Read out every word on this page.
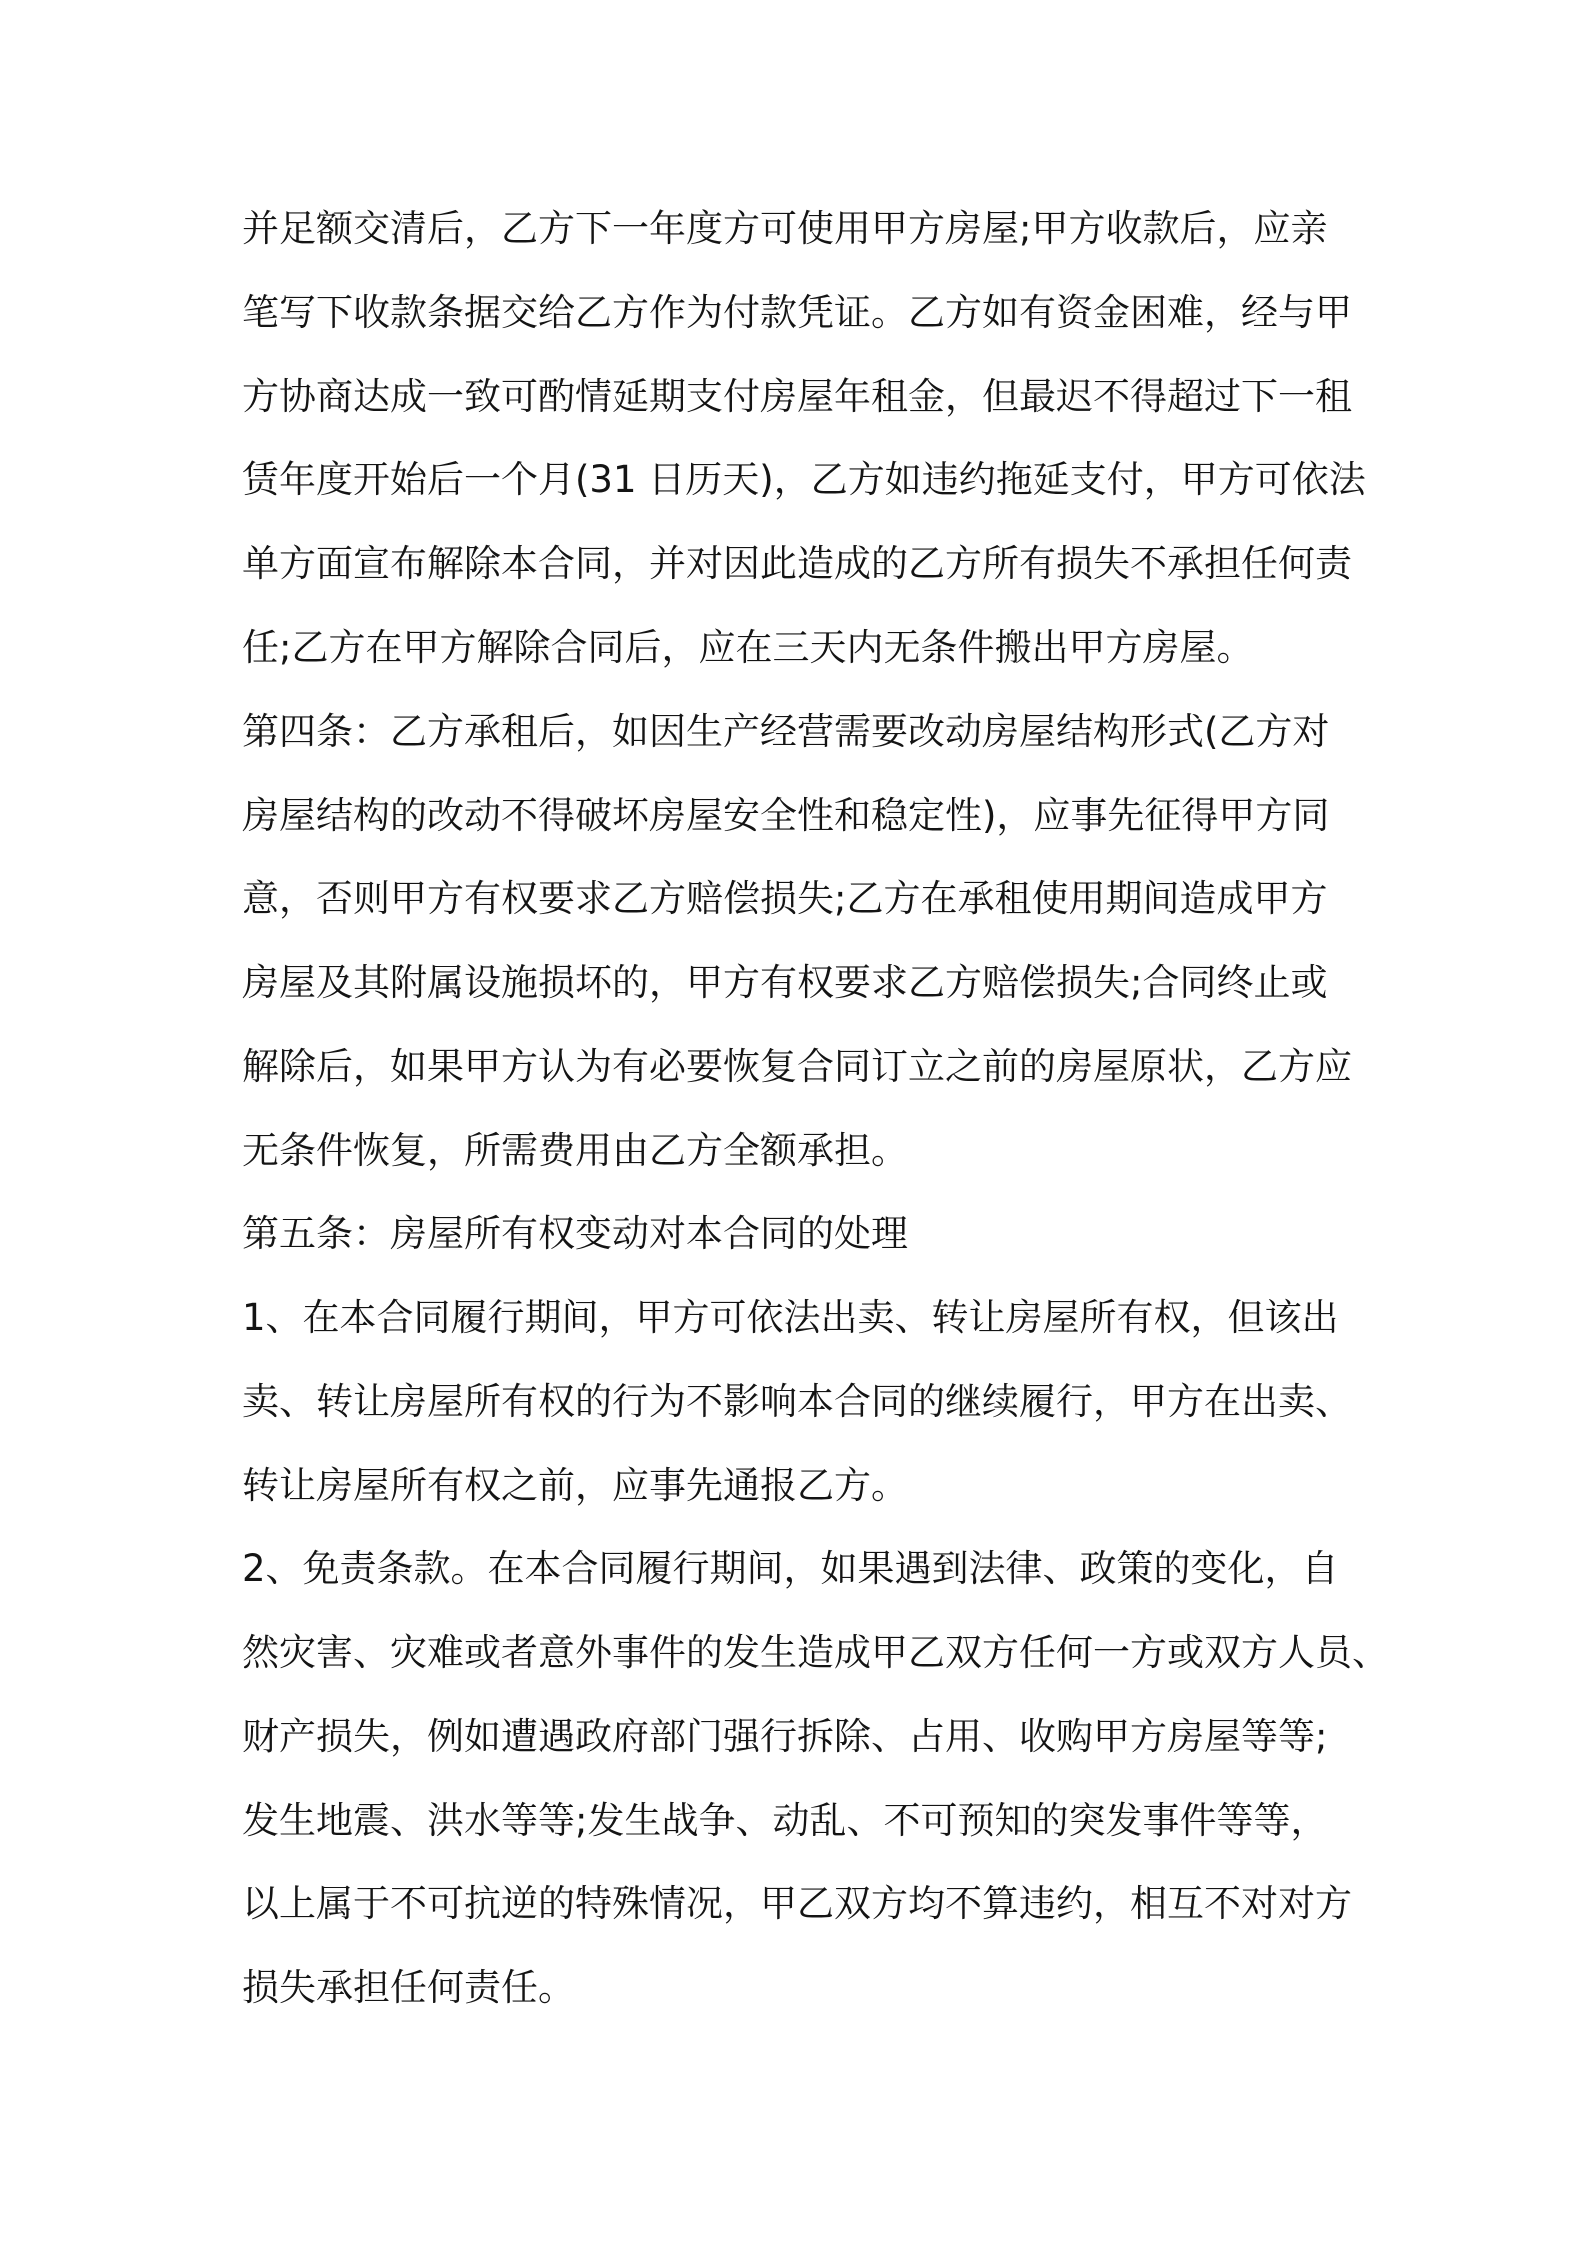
并足额交清后，乙方下一年度方可使用甲方房屋;甲方收款后，应亲
笔写下收款条据交给乙方作为付款凭证。乙方如有资金困难，经与甲
方协商达成一致可酌情延期支付房屋年租金，但最迟不得超过下一租
赁年度开始后一个月(31 日历天)，乙方如违约拖延支付，甲方可依法
单方面宣布解除本合同，并对因此造成的乙方所有损失不承担任何责
任;乙方在甲方解除合同后，应在三天内无条件搬出甲方房屋。
第四条：乙方承租后，如因生产经营需要改动房屋结构形式(乙方对
房屋结构的改动不得破坏房屋安全性和稳定性)，应事先征得甲方同
意，否则甲方有权要求乙方赔偿损失;乙方在承租使用期间造成甲方
房屋及其附属设施损坏的，甲方有权要求乙方赔偿损失;合同终止或
解除后，如果甲方认为有必要恢复合同订立之前的房屋原状，乙方应
无条件恢复，所需费用由乙方全额承担。
第五条：房屋所有权变动对本合同的处理
1、在本合同履行期间，甲方可依法出卖、转让房屋所有权，但该出
卖、转让房屋所有权的行为不影响本合同的继续履行，甲方在出卖、
转让房屋所有权之前，应事先通报乙方。
2、免责条款。在本合同履行期间，如果遇到法律、政策的变化，自
然灾害、灾难或者意外事件的发生造成甲乙双方任何一方或双方人员、
财产损失，例如遭遇政府部门强行拆除、占用、收购甲方房屋等等;
发生地震、洪水等等;发生战争、动乱、不可预知的突发事件等等，
以上属于不可抗逆的特殊情况，甲乙双方均不算违约，相互不对对方
损失承担任何责任。
